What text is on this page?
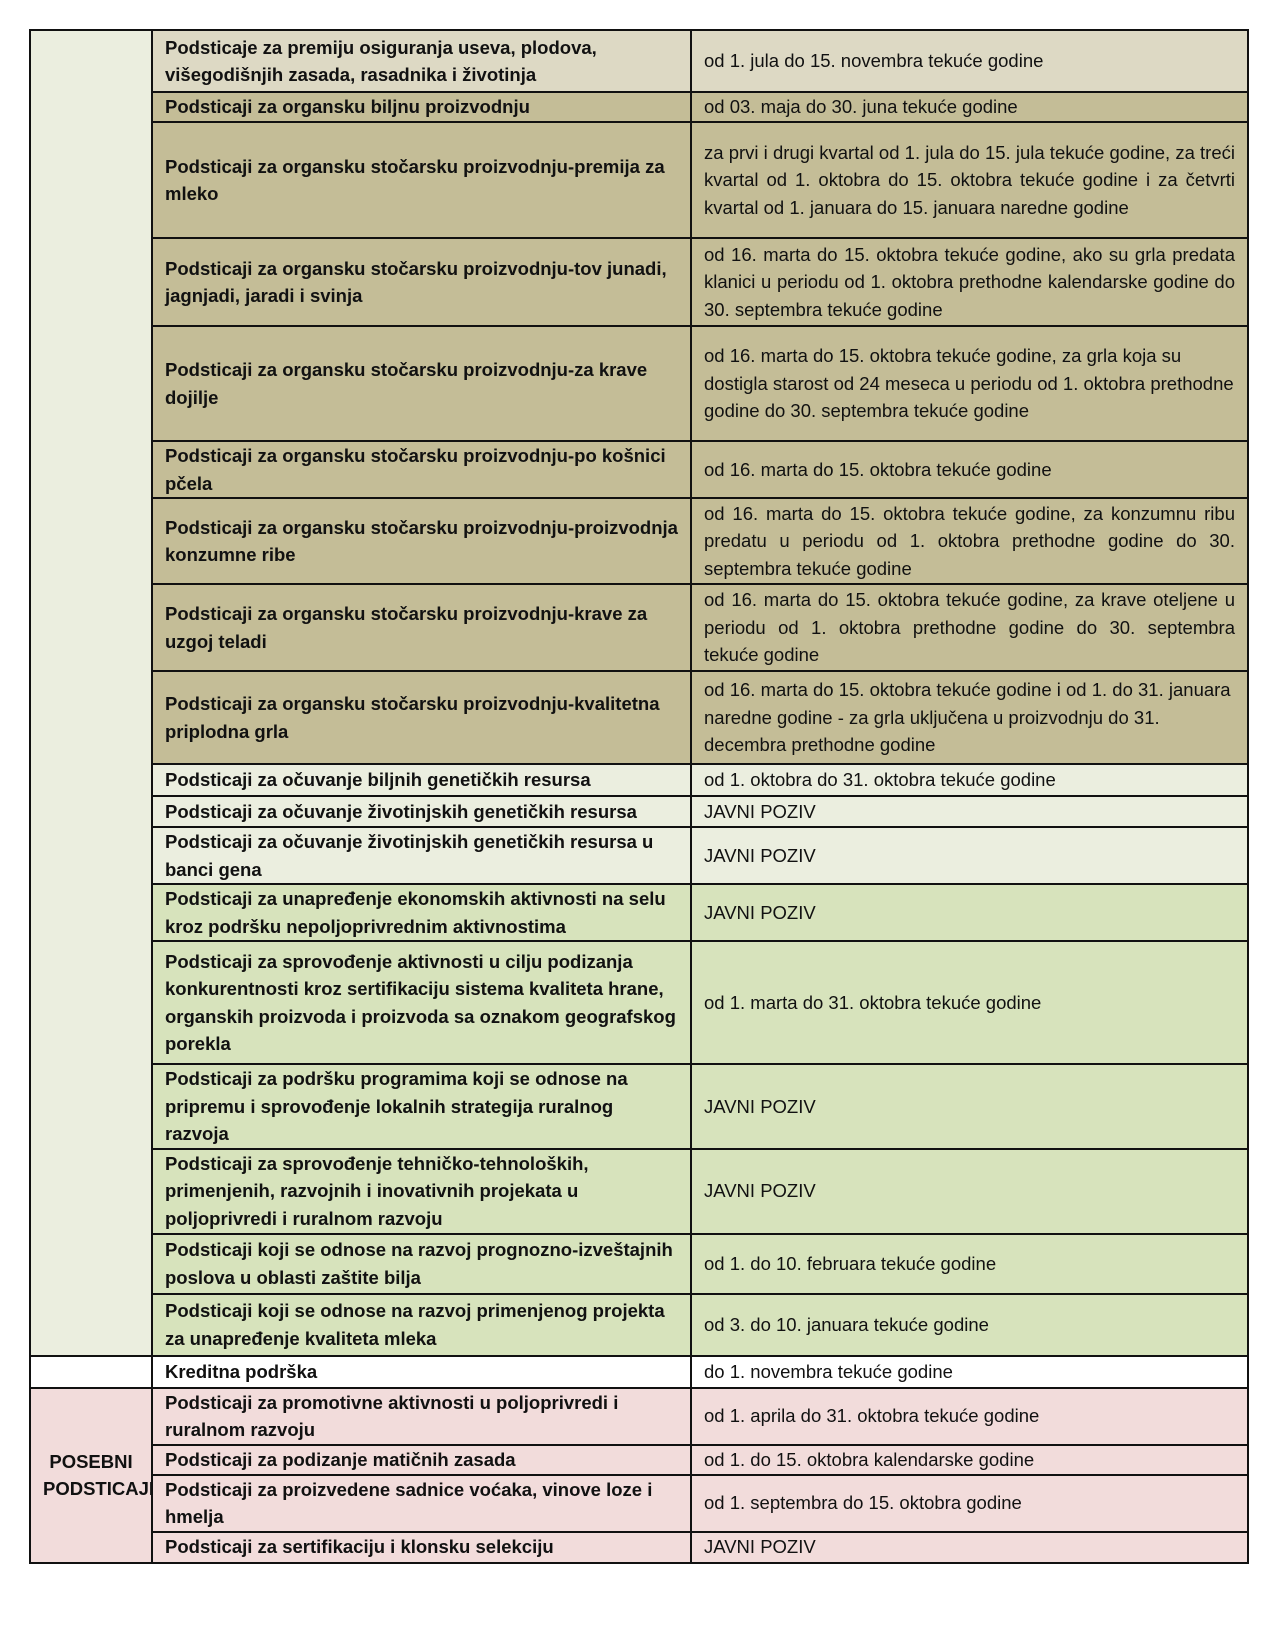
	Podsticaje za premiju osiguranja useva, plodova, višegodišnjih zasada, rasadnika i životinja	od 1. jula do 15. novembra tekuće godine
	Podsticaji za organsku biljnu proizvodnju	od 03. maja do 30. juna tekuće godine
	Podsticaji za organsku stočarsku proizvodnju-premija za mleko	za prvi i drugi kvartal od 1. jula do 15. jula tekuće godine, za treći kvartal od 1. oktobra do 15. oktobra tekuće godine i za četvrti kvartal od 1. januara do 15. januara naredne godine
	Podsticaji za organsku stočarsku proizvodnju-tov junadi, jagnjadi, jaradi i svinja	od 16. marta do 15. oktobra tekuće godine, ako su grla predata klanici u periodu od 1. oktobra prethodne kalendarske godine do 30. septembra tekuće godine
	Podsticaji za organsku stočarsku proizvodnju-za krave dojilje	od 16. marta do 15. oktobra tekuće godine, za grla koja su dostigla starost od 24 meseca u periodu od 1. oktobra prethodne godine do 30. septembra tekuće godine
	Podsticaji za organsku stočarsku proizvodnju-po košnici pčela	od 16. marta do 15. oktobra tekuće godine
	Podsticaji za organsku stočarsku proizvodnju-proizvodnja konzumne ribe	od 16. marta do 15. oktobra tekuće godine, za konzumnu ribu predatu u periodu od 1. oktobra prethodne godine do 30. septembra tekuće godine
	Podsticaji za organsku stočarsku proizvodnju-krave za uzgoj teladi	od 16. marta do 15. oktobra tekuće godine, za krave oteljene u periodu od 1. oktobra prethodne godine do 30. septembra tekuće godine
	Podsticaji za organsku stočarsku proizvodnju-kvalitetna priplodna grla	od 16. marta do 15. oktobra tekuće godine i od 1. do 31. januara naredne godine - za grla uključena u proizvodnju do 31. decembra prethodne godine
	Podsticaji za očuvanje biljnih genetičkih resursa	od 1. oktobra do 31. oktobra tekuće godine
	Podsticaji za očuvanje životinjskih genetičkih resursa	JAVNI POZIV
	Podsticaji za očuvanje životinjskih genetičkih resursa u banci gena	JAVNI POZIV
	Podsticaji za unapređenje ekonomskih aktivnosti na selu kroz podršku nepoljoprivrednim aktivnostima	JAVNI POZIV
	Podsticaji za sprovođenje aktivnosti u cilju podizanja konkurentnosti kroz sertifikaciju sistema kvaliteta hrane, organskih proizvoda i proizvoda sa oznakom geografskog porekla	od 1. marta do 31. oktobra tekuće godine
	Podsticaji za podršku programima koji se odnose na pripremu i sprovođenje lokalnih strategija ruralnog razvoja	JAVNI POZIV
	Podsticaji za sprovođenje tehničko-tehnoloških, primenjenih, razvojnih i inovativnih projekata u poljoprivredi i ruralnom razvoju	JAVNI POZIV
	Podsticaji koji se odnose na razvoj prognozno-izveštajnih poslova u oblasti zaštite bilja	od 1. do 10. februara tekuće godine
	Podsticaji koji se odnose na razvoj primenjenog projekta za unapređenje kvaliteta mleka	od 3. do 10. januara tekuće godine
	Kreditna podrška	do 1. novembra tekuće godine
POSEBNI PODSTICAJI	Podsticaji za promotivne aktivnosti u poljoprivredi i ruralnom razvoju	od 1. aprila do 31. oktobra tekuće godine
	Podsticaji za podizanje matičnih zasada	od 1. do 15. oktobra kalendarske godine
	Podsticaji za proizvedene sadnice voćaka, vinove loze i hmelja	od 1. septembra do 15. oktobra godine
	Podsticaji za sertifikaciju i klonsku selekciju	JAVNI POZIV
